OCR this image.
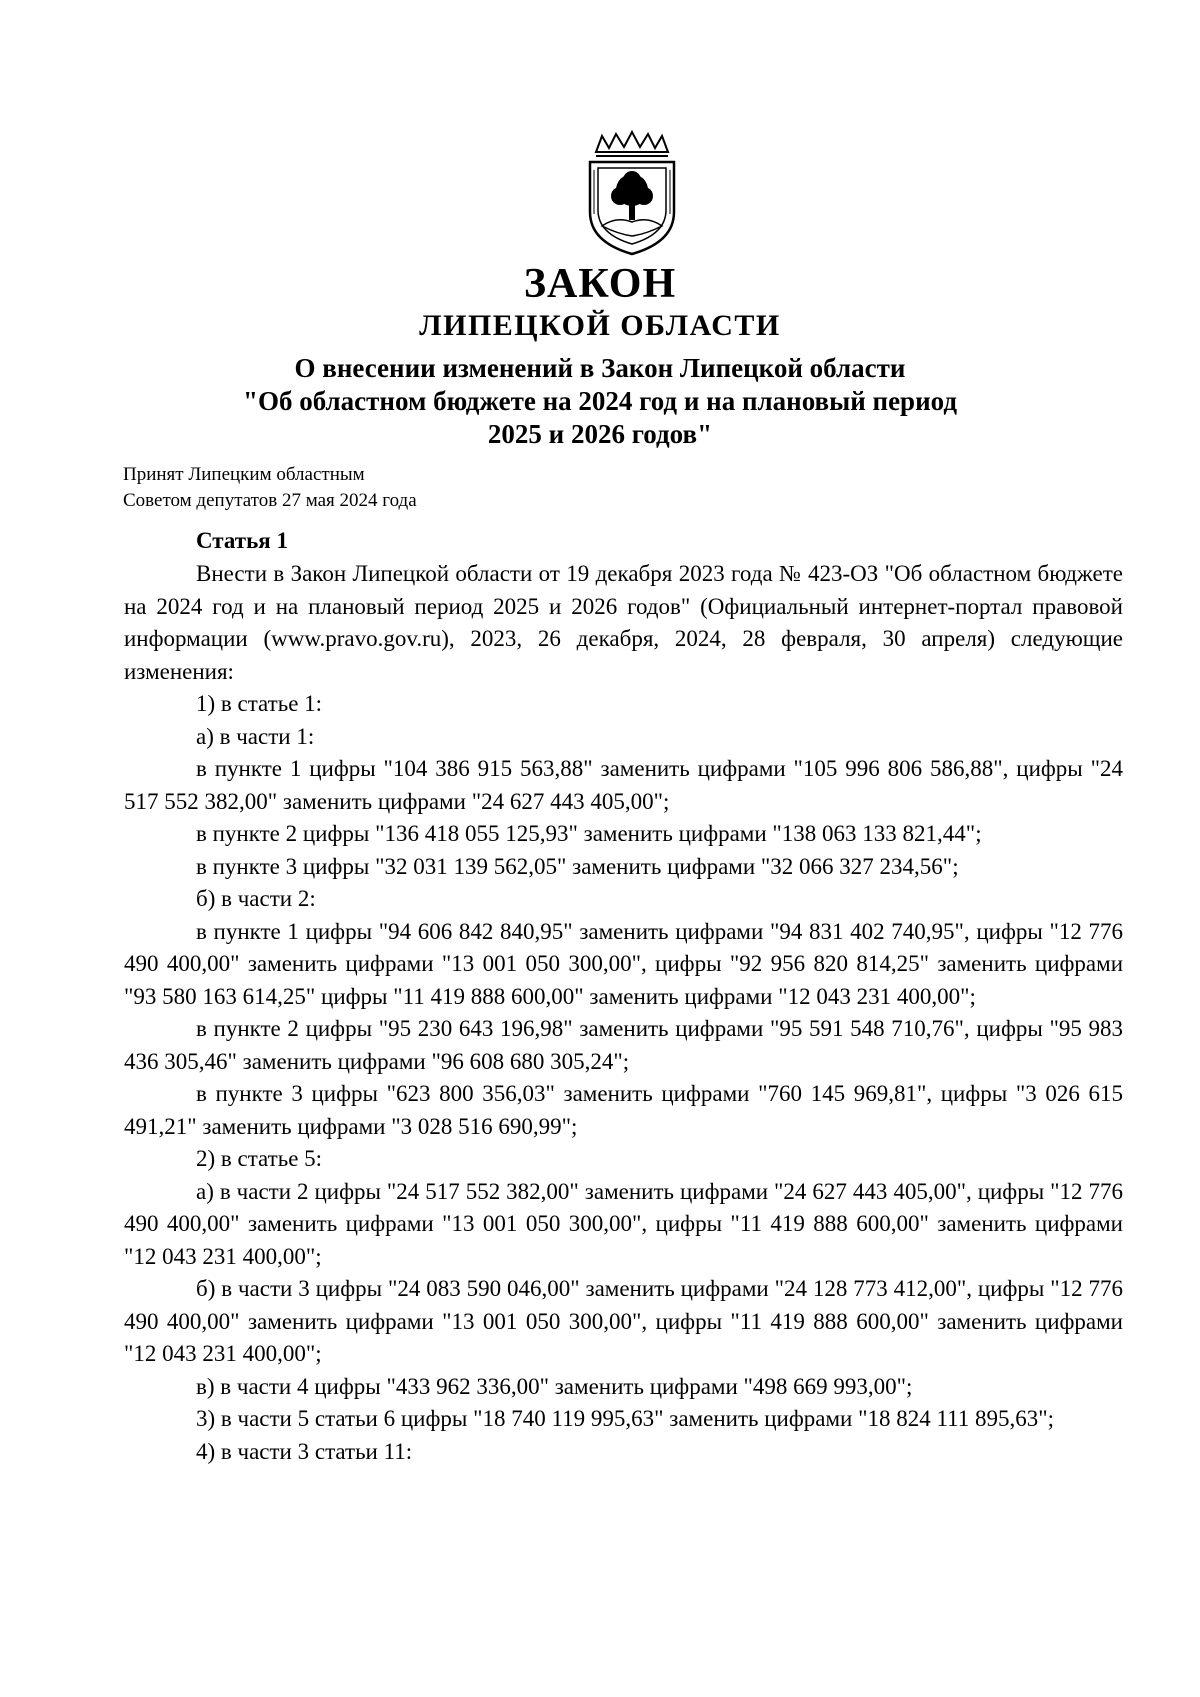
ЗАКОН
ЛИПЕЦКОЙ ОБЛАСТИ
О внесении изменений в Закон Липецкой области
"Об областном бюджете на 2024 год и на плановый период
2025 и 2026 годов"
Принят Липецким областным
Советом депутатов 27 мая 2024 года
Статья 1

Внести в Закон Липецкой области от 19 декабря 2023 года № 423-ОЗ "Об областном бюджете на 2024 год и на плановый период 2025 и 2026 годов" (Официальный интернет-портал правовой информации (www.pravo.gov.ru), 2023, 26 декабря, 2024, 28 февраля, 30 апреля) следующие изменения:

1) в статье 1:

а) в части 1:

в пункте 1 цифры "104 386 915 563,88" заменить цифрами "105 996 806 586,88", цифры "24 517 552 382,00" заменить цифрами "24 627 443 405,00";

в пункте 2 цифры "136 418 055 125,93" заменить цифрами "138 063 133 821,44";

в пункте 3 цифры "32 031 139 562,05" заменить цифрами "32 066 327 234,56";

б) в части 2:

в пункте 1 цифры "94 606 842 840,95" заменить цифрами "94 831 402 740,95", цифры "12 776 490 400,00" заменить цифрами "13 001 050 300,00", цифры "92 956 820 814,25" заменить цифрами "93 580 163 614,25" цифры "11 419 888 600,00" заменить цифрами "12 043 231 400,00";

в пункте 2 цифры "95 230 643 196,98" заменить цифрами "95 591 548 710,76", цифры "95 983 436 305,46" заменить цифрами "96 608 680 305,24";

в пункте 3 цифры "623 800 356,03" заменить цифрами "760 145 969,81", цифры "3 026 615 491,21" заменить цифрами "3 028 516 690,99";

2) в статье 5:

а) в части 2 цифры "24 517 552 382,00" заменить цифрами "24 627 443 405,00", цифры "12 776 490 400,00" заменить цифрами "13 001 050 300,00", цифры "11 419 888 600,00" заменить цифрами "12 043 231 400,00";

б) в части 3 цифры "24 083 590 046,00" заменить цифрами "24 128 773 412,00", цифры "12 776 490 400,00" заменить цифрами "13 001 050 300,00", цифры "11 419 888 600,00" заменить цифрами "12 043 231 400,00";

в) в части 4 цифры "433 962 336,00" заменить цифрами "498 669 993,00";

3) в части 5 статьи 6 цифры "18 740 119 995,63" заменить цифрами "18 824 111 895,63";

4) в части 3 статьи 11:
